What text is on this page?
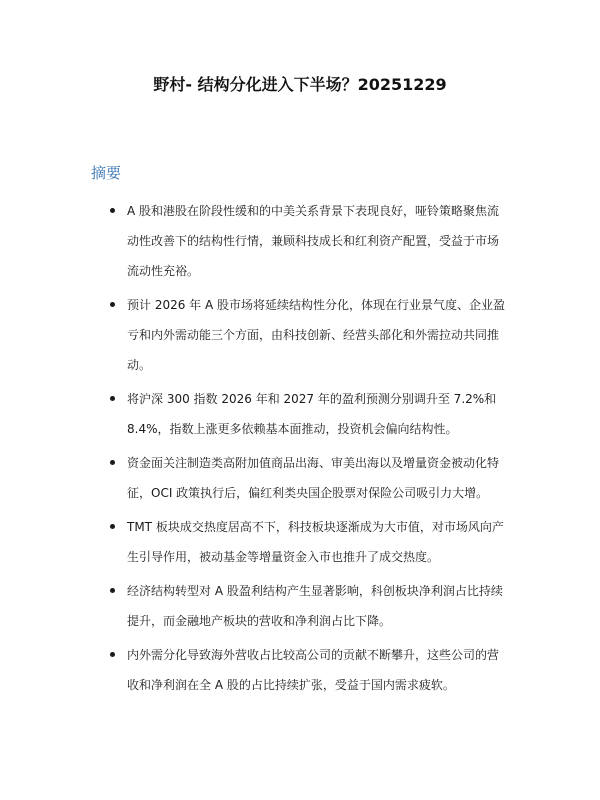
野村- 结构分化进入下半场？20251229
摘要
A 股和港股在阶段性缓和的中美关系背景下表现良好，哑铃策略聚焦流动性改善下的结构性行情，兼顾科技成长和红利资产配置，受益于市场流动性充裕。
预计 2026 年 A 股市场将延续结构性分化，体现在行业景气度、企业盈亏和内外需动能三个方面，由科技创新、经营头部化和外需拉动共同推动。
将沪深 300 指数 2026 年和 2027 年的盈利预测分别调升至 7.2%和 8.4%，指数上涨更多依赖基本面推动，投资机会偏向结构性。
资金面关注制造类高附加值商品出海、审美出海以及增量资金被动化特征，OCI 政策执行后，偏红利类央国企股票对保险公司吸引力大增。
TMT 板块成交热度居高不下，科技板块逐渐成为大市值，对市场风向产生引导作用，被动基金等增量资金入市也推升了成交热度。
经济结构转型对 A 股盈利结构产生显著影响，科创板块净利润占比持续提升，而金融地产板块的营收和净利润占比下降。
内外需分化导致海外营收占比较高公司的贡献不断攀升，这些公司的营收和净利润在全 A 股的占比持续扩张，受益于国内需求疲软。
